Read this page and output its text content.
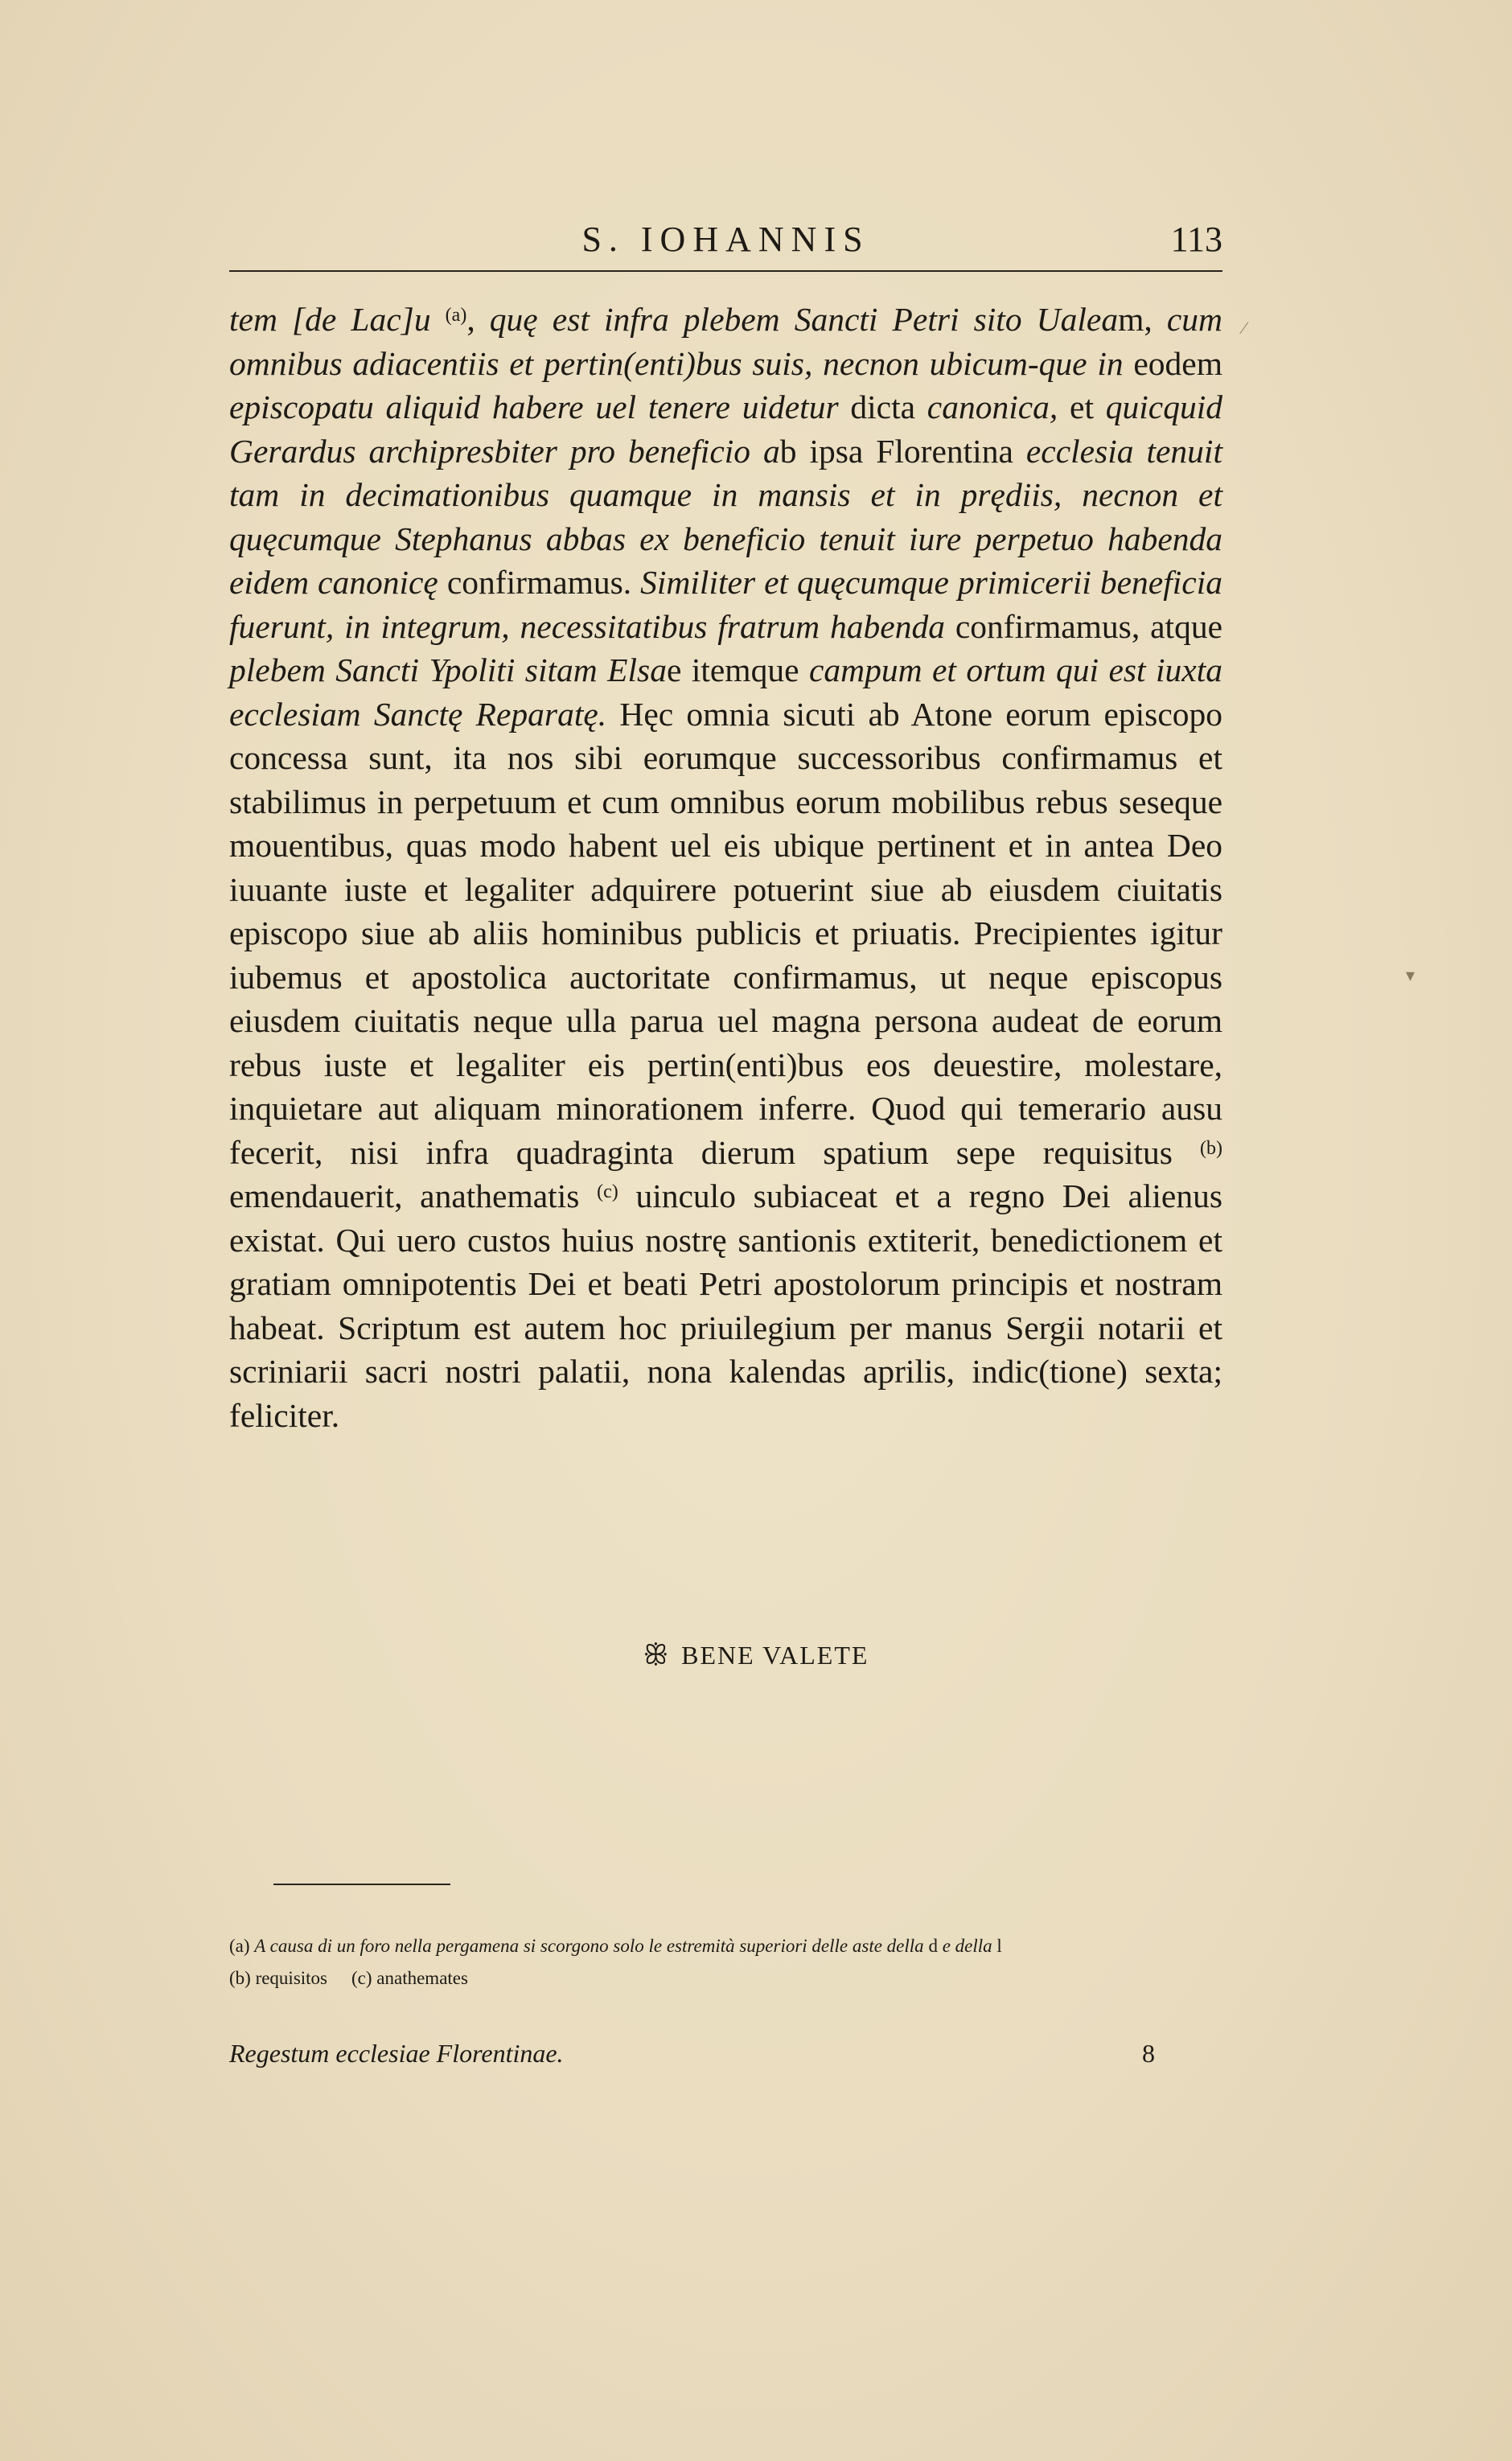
S. IOHANNIS	113

tem [de Lac]u $^{(a)}$, quę est infra plebem Sancti Petri sito Ualeam, cum omnibus adiacentiis et pertin(enti)bus suis, necnon ubicum-que in eodem episcopatu aliquid habere uel tenere uidetur dicta canonica, et quicquid Gerardus archipresbiter pro beneficio ab ipsa Florentina ecclesia tenuit tam in decimationibus quamque in mansis et in prędiis, necnon et quęcumque Stephanus abbas ex beneficio tenuit iure perpetuo habenda eidem canonicę confirmamus. Similiter et quęcumque primicerii beneficia fuerunt, in integrum, necessitatibus fratrum habenda confirmamus, atque plebem Sancti Ypoliti sitam Elsae itemque campum et ortum qui est iuxta ecclesiam Sanctę Reparatę. Hęc omnia sicuti ab Atone eorum episcopo concessa sunt, ita nos sibi eorumque successoribus confirmamus et stabilimus in perpetuum et cum omnibus eorum mobilibus rebus seseque mouentibus, quas modo habent uel eis ubique pertinent et in antea Deo iuuante iuste et legaliter adquirere potuerint siue ab eiusdem ciuitatis episcopo siue ab aliis hominibus publicis et priuatis. Precipientes igitur iubemus et apostolica auctoritate confirmamus, ut neque episcopus eiusdem ciuitatis neque ulla parua uel magna persona audeat de eorum rebus iuste et legaliter eis pertin(enti)bus eos deuestire, molestare, inquietare aut aliquam minorationem inferre. Quod qui temerario ausu fecerit, nisi infra quadraginta dierum spatium sepe requisitus $^{(b)}$ emendauerit, anathematis $^{(c)}$ uinculo subiaceat et a regno Dei alienus existat. Qui uero custos huius nostrę santionis extiterit, benedictionem et gratiam omnipotentis Dei et beati Petri apostolorum principis et nostram habeat. Scriptum est autem hoc priuilegium per manus Sergii notarii et scriniarii sacri nostri palatii, nona kalendas aprilis, indic(tione) sexta; feliciter.

ꕥ BENE VALETE

(a) A causa di un foro nella pergamena si scorgono solo le estremità superiori delle aste della d e della l

(b) requisitos (c) anathemates

Regestum ecclesiae Florentinae.	8
⁄
▾
